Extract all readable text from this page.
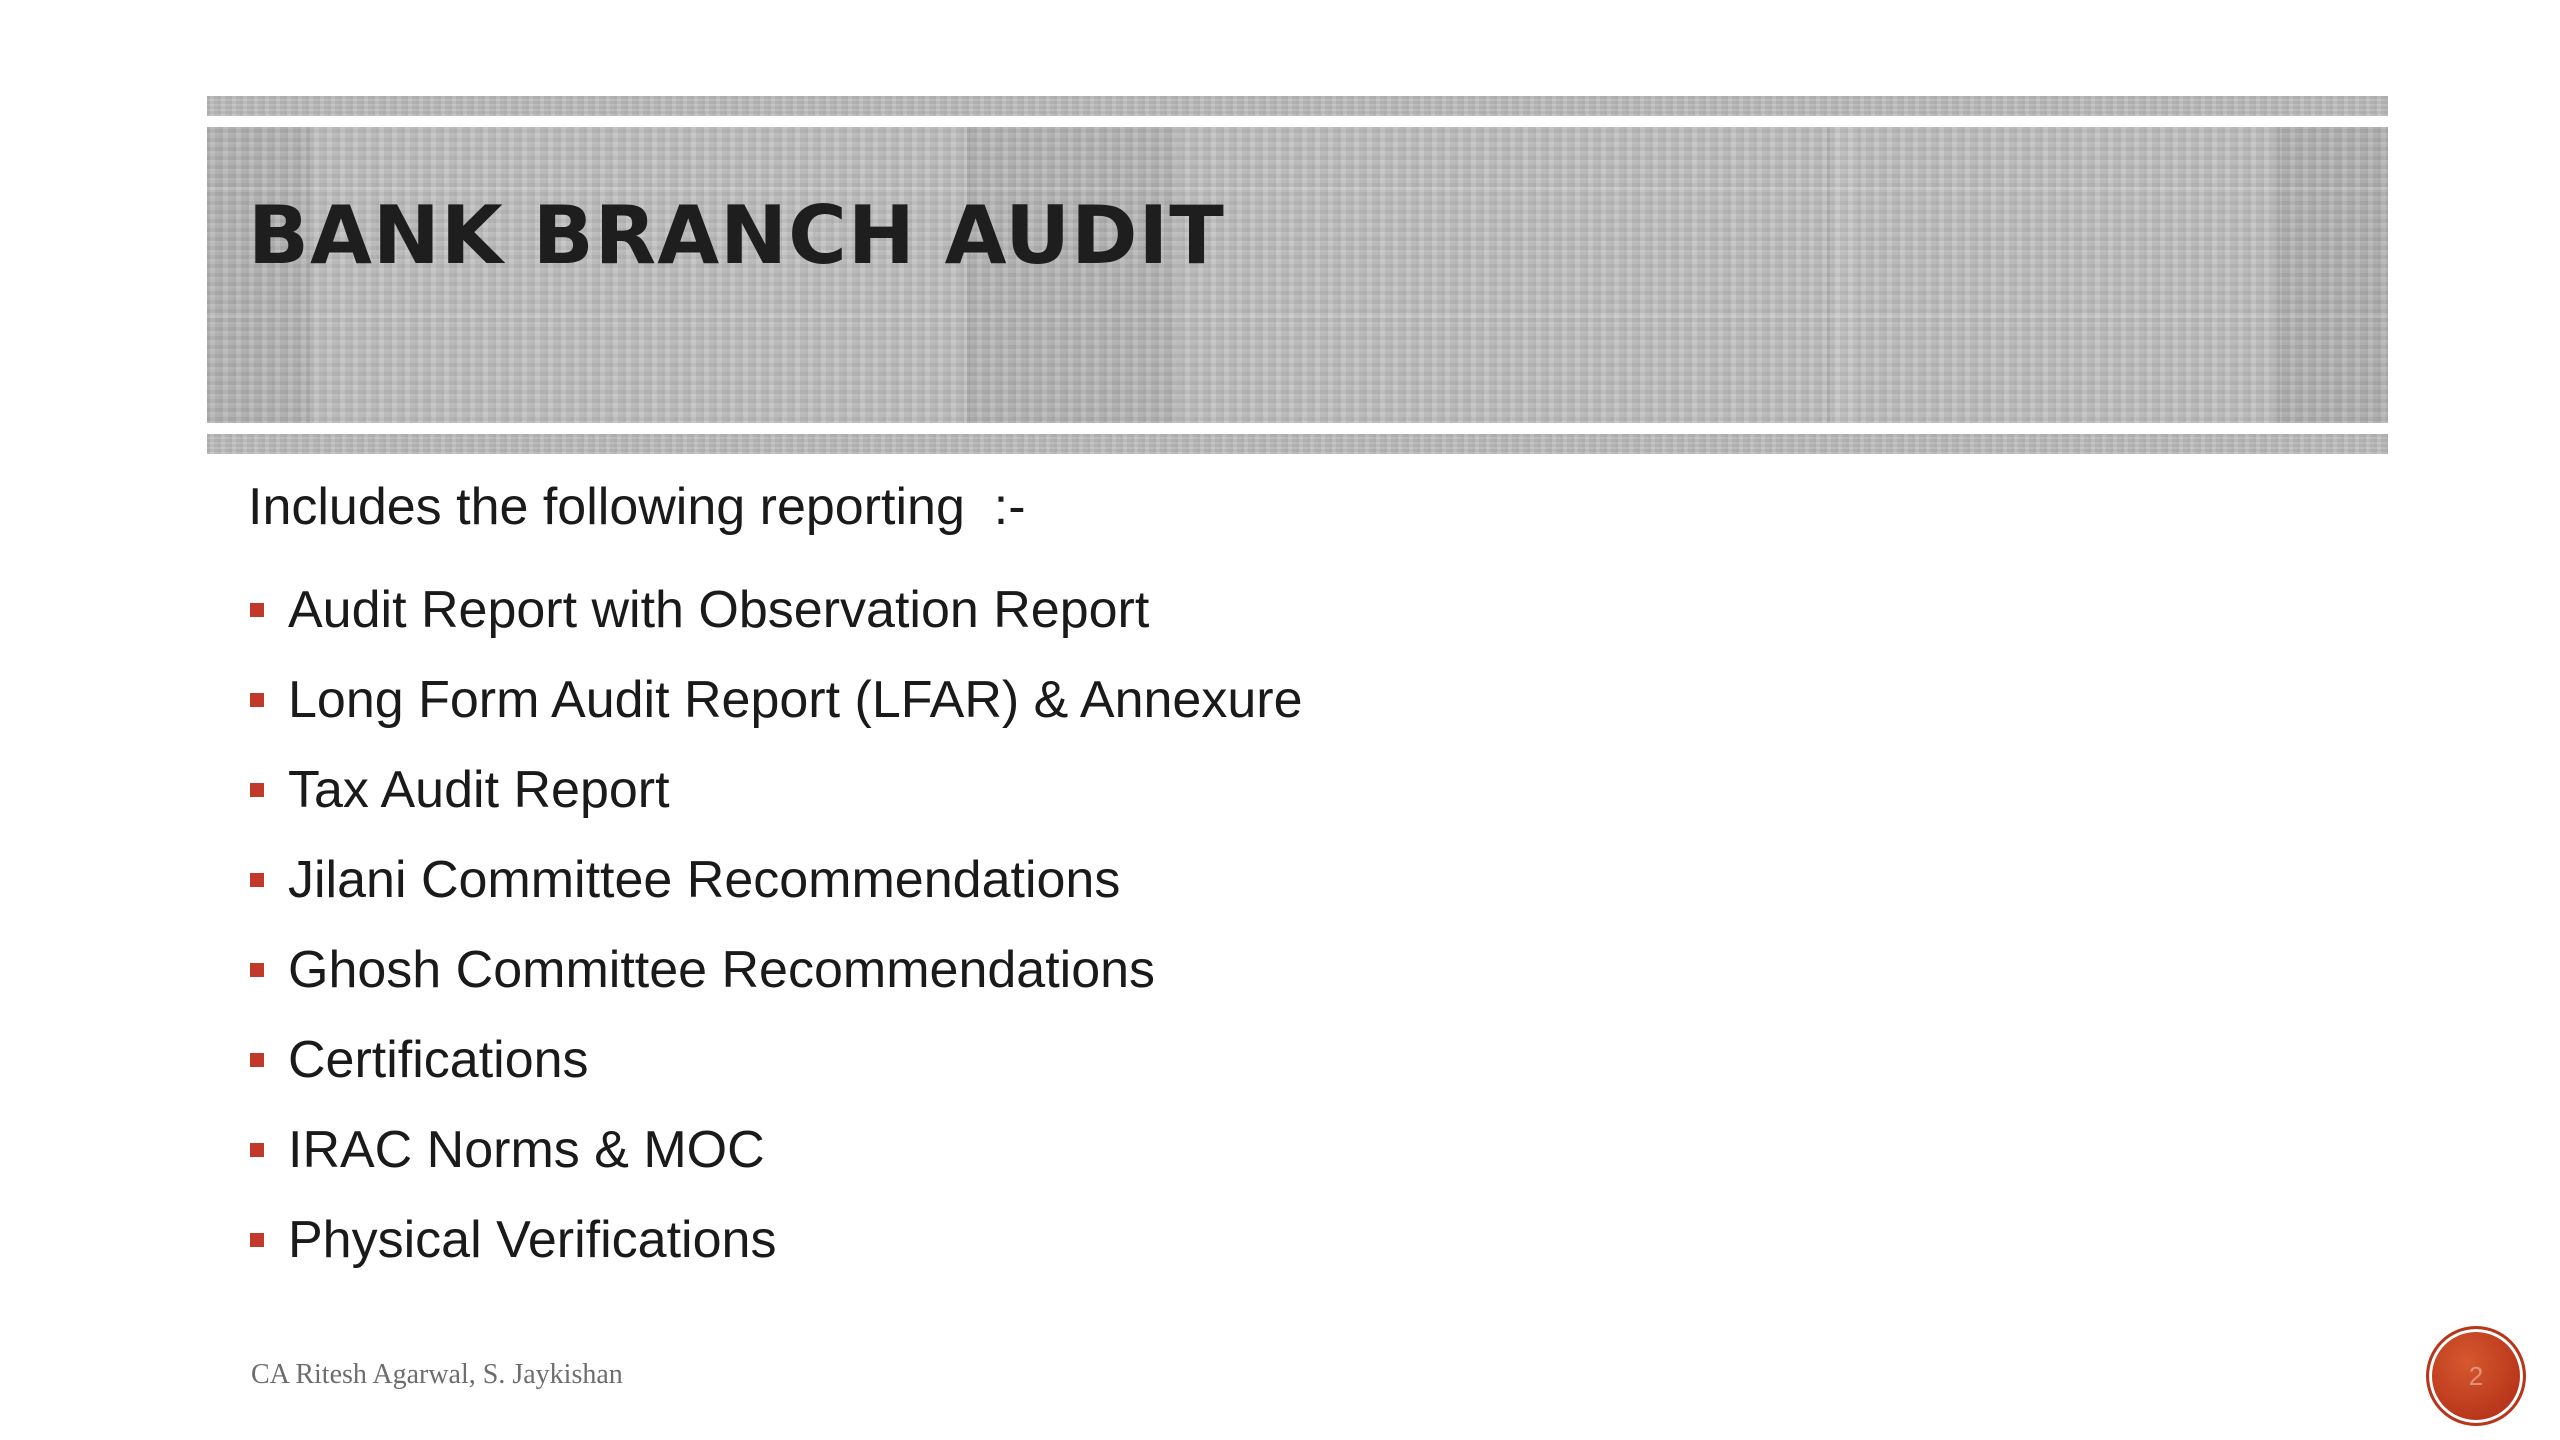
BANK BRANCH AUDIT
Includes the following reporting  :-
Audit Report with Observation Report
Long Form Audit Report (LFAR) & Annexure
Tax Audit Report
Jilani Committee Recommendations
Ghosh Committee Recommendations
Certifications
IRAC Norms & MOC
Physical Verifications
CA Ritesh Agarwal, S. Jaykishan	2
